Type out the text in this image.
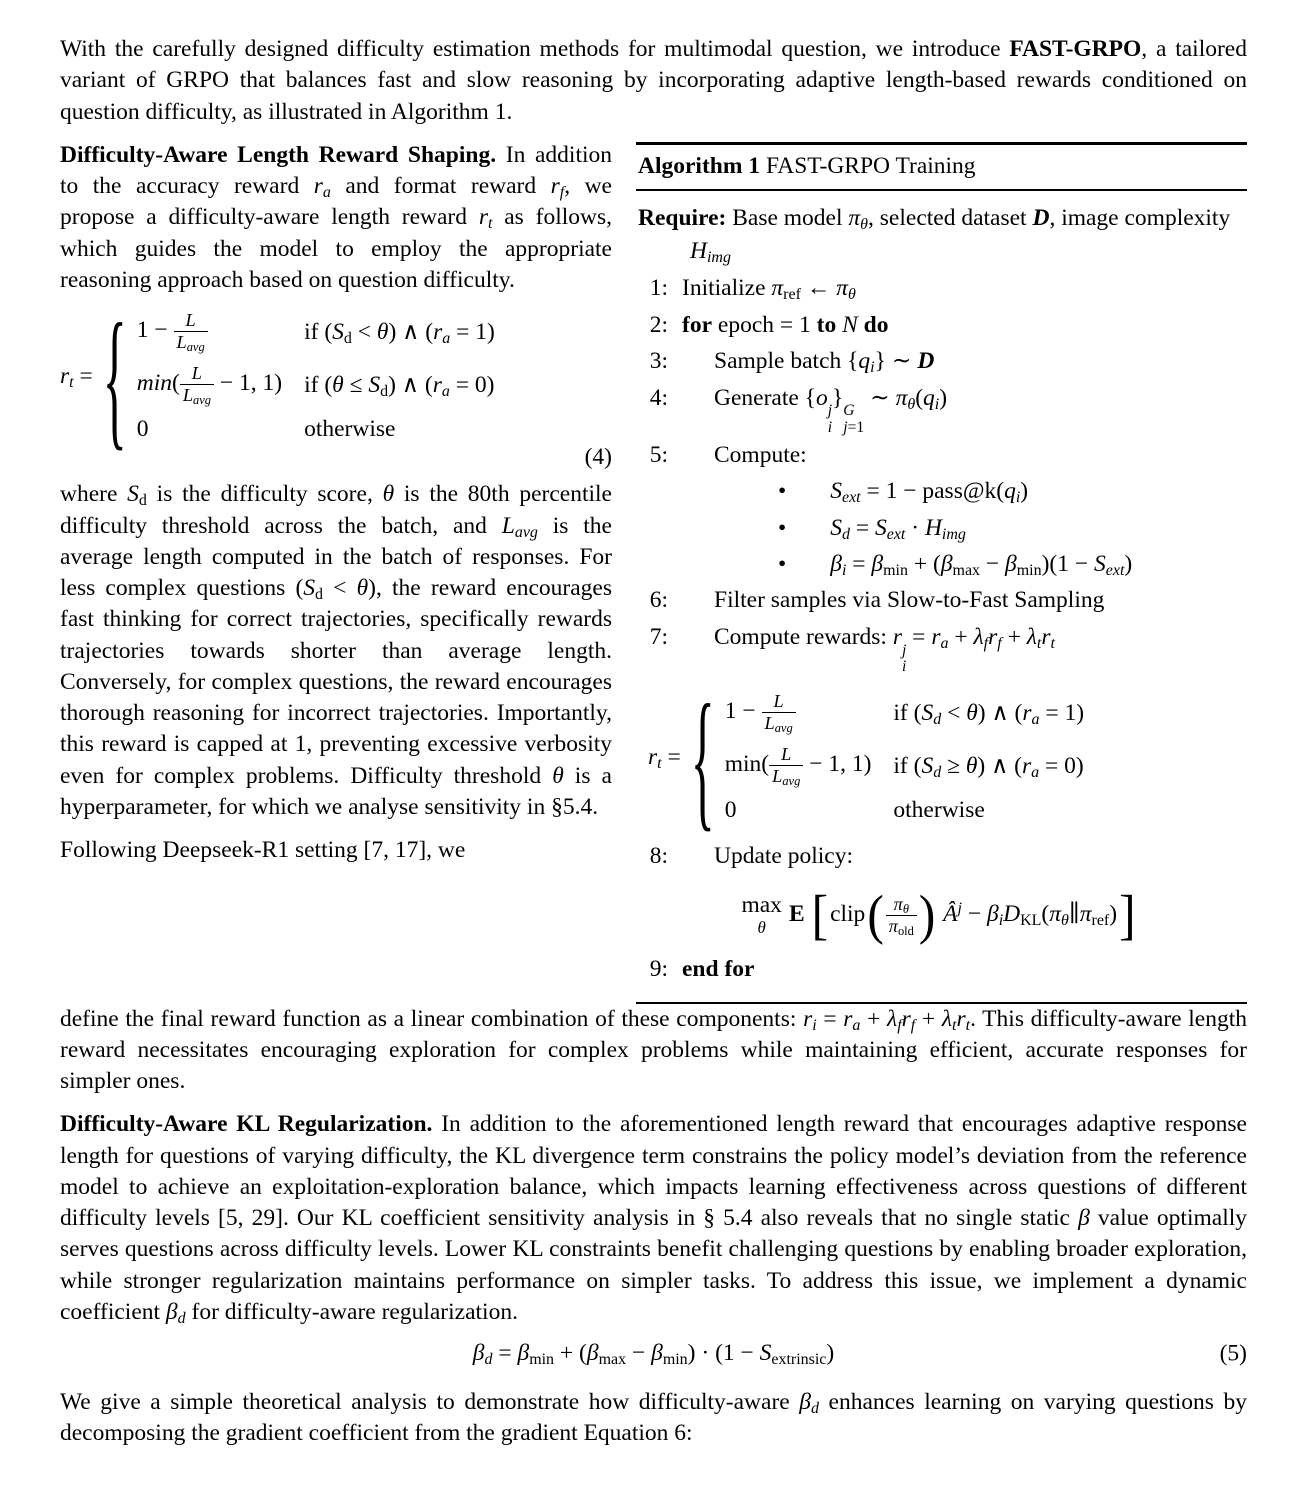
With the carefully designed difficulty estimation methods for multimodal question, we introduce FAST-GRPO, a tailored variant of GRPO that balances fast and slow reasoning by incorporating adaptive length-based rewards conditioned on question difficulty, as illustrated in Algorithm 1.

Difficulty-Aware Length Reward Shaping. In addition to the accuracy reward $r_a$ and format reward $r_f$, we propose a difficulty-aware length reward $r_t$ as follows, which guides the model to employ the appropriate reasoning approach based on question difficulty.

$r_t$ = { $1 - \frac{L}{L_{avg}}$	if $(S_d < \theta)$ ∧ $(r_a = 1)$
$\min( \frac{L}{L_{avg}} - 1$, 1) if $(\theta \le S_d)$ ∧ $(r_a = 0)$
0	otherwise
(4)

where $S_d$ is the difficulty score, θ is the 80th percentile difficulty threshold across the batch, and $L_{avg}$ is the average length computed in the batch of responses. For less complex questions $(S_d < \theta)$, the reward encourages fast thinking for correct trajectories, specifically rewards trajectories towards shorter than average length. Conversely, for complex questions, the reward encourages thorough reasoning for incorrect trajectories. Importantly, this reward is capped at 1, preventing excessive verbosity even for complex problems. Difficulty threshold θ is a hyperparameter, for which we analyse sensitivity in §5.4.

Following Deepseek-R1 setting [7, 17], we

Algorithm 1 FAST-GRPO Training
Require: Base model $\pi_\theta$, selected dataset D, image complexity $H_{img}$
1: Initialize $\pi_{ref}$ ← $\pi_\theta$
2: for epoch = 1 to N do
3:	Sample batch $\{q_i\}$ ∼ D
4:	Generate {o
j
i
}
G
j=1
∼ $\pi_\theta(q_i)$
5:	Compute:
• $S_{ext} = 1$ − $pass@k(q_i)$
• $S_d = S_{ext} \cdot H_{img}$
• $\beta_i = \beta_{min} + (\beta_{max} - \beta_{min})(1 - S_{ext})$
6:	Filter samples via Slow-to-Fast Sampling
7:	Compute rewards: r
j
i
= $r_a + \lambda_fr_f + \lambda_tr_t$
$r_t$ = { $1 - \frac{L}{L_{avg}}$	if $(S_d < \theta)$ ∧ $(r_a = 1)$
$\min( \frac{L}{L_{avg}} - 1$, 1) if $(S_d \ge \theta)$ ∧ $(r_a = 0)$
0	otherwise
8:	Update policy:
max
θ
E [clip( $\frac{\pi_\theta}{\pi_{old}}$ ) $Â^j$ − $\beta_iD_{KL}(\pi_\theta\parallel\pi_{ref})$]
9: end for

define the final reward function as a linear combination of these components: $r_i = r_a + \lambda_fr_f + \lambda_tr_t$. This difficulty-aware length reward necessitates encouraging exploration for complex problems while maintaining efficient, accurate responses for simpler ones.

Difficulty-Aware KL Regularization. In addition to the aforementioned length reward that encourages adaptive response length for questions of varying difficulty, the KL divergence term constrains the policy model’s deviation from the reference model to achieve an exploitation-exploration balance, which impacts learning effectiveness across questions of different difficulty levels [5, 29]. Our KL coefficient sensitivity analysis in § 5.4 also reveals that no single static β value optimally serves questions across difficulty levels. Lower KL constraints benefit challenging questions by enabling broader exploration, while stronger regularization maintains performance on simpler tasks. To address this issue, we implement a dynamic coefficient $\beta_d$ for difficulty-aware regularization.

$\beta_d = \beta_{min} + (\beta_{max} - \beta_{min}) \cdot (1 - S_{extrinsic})$	(5)

We give a simple theoretical analysis to demonstrate how difficulty-aware $\beta_d$ enhances learning on varying questions by decomposing the gradient coefficient from the gradient Equation 6:
